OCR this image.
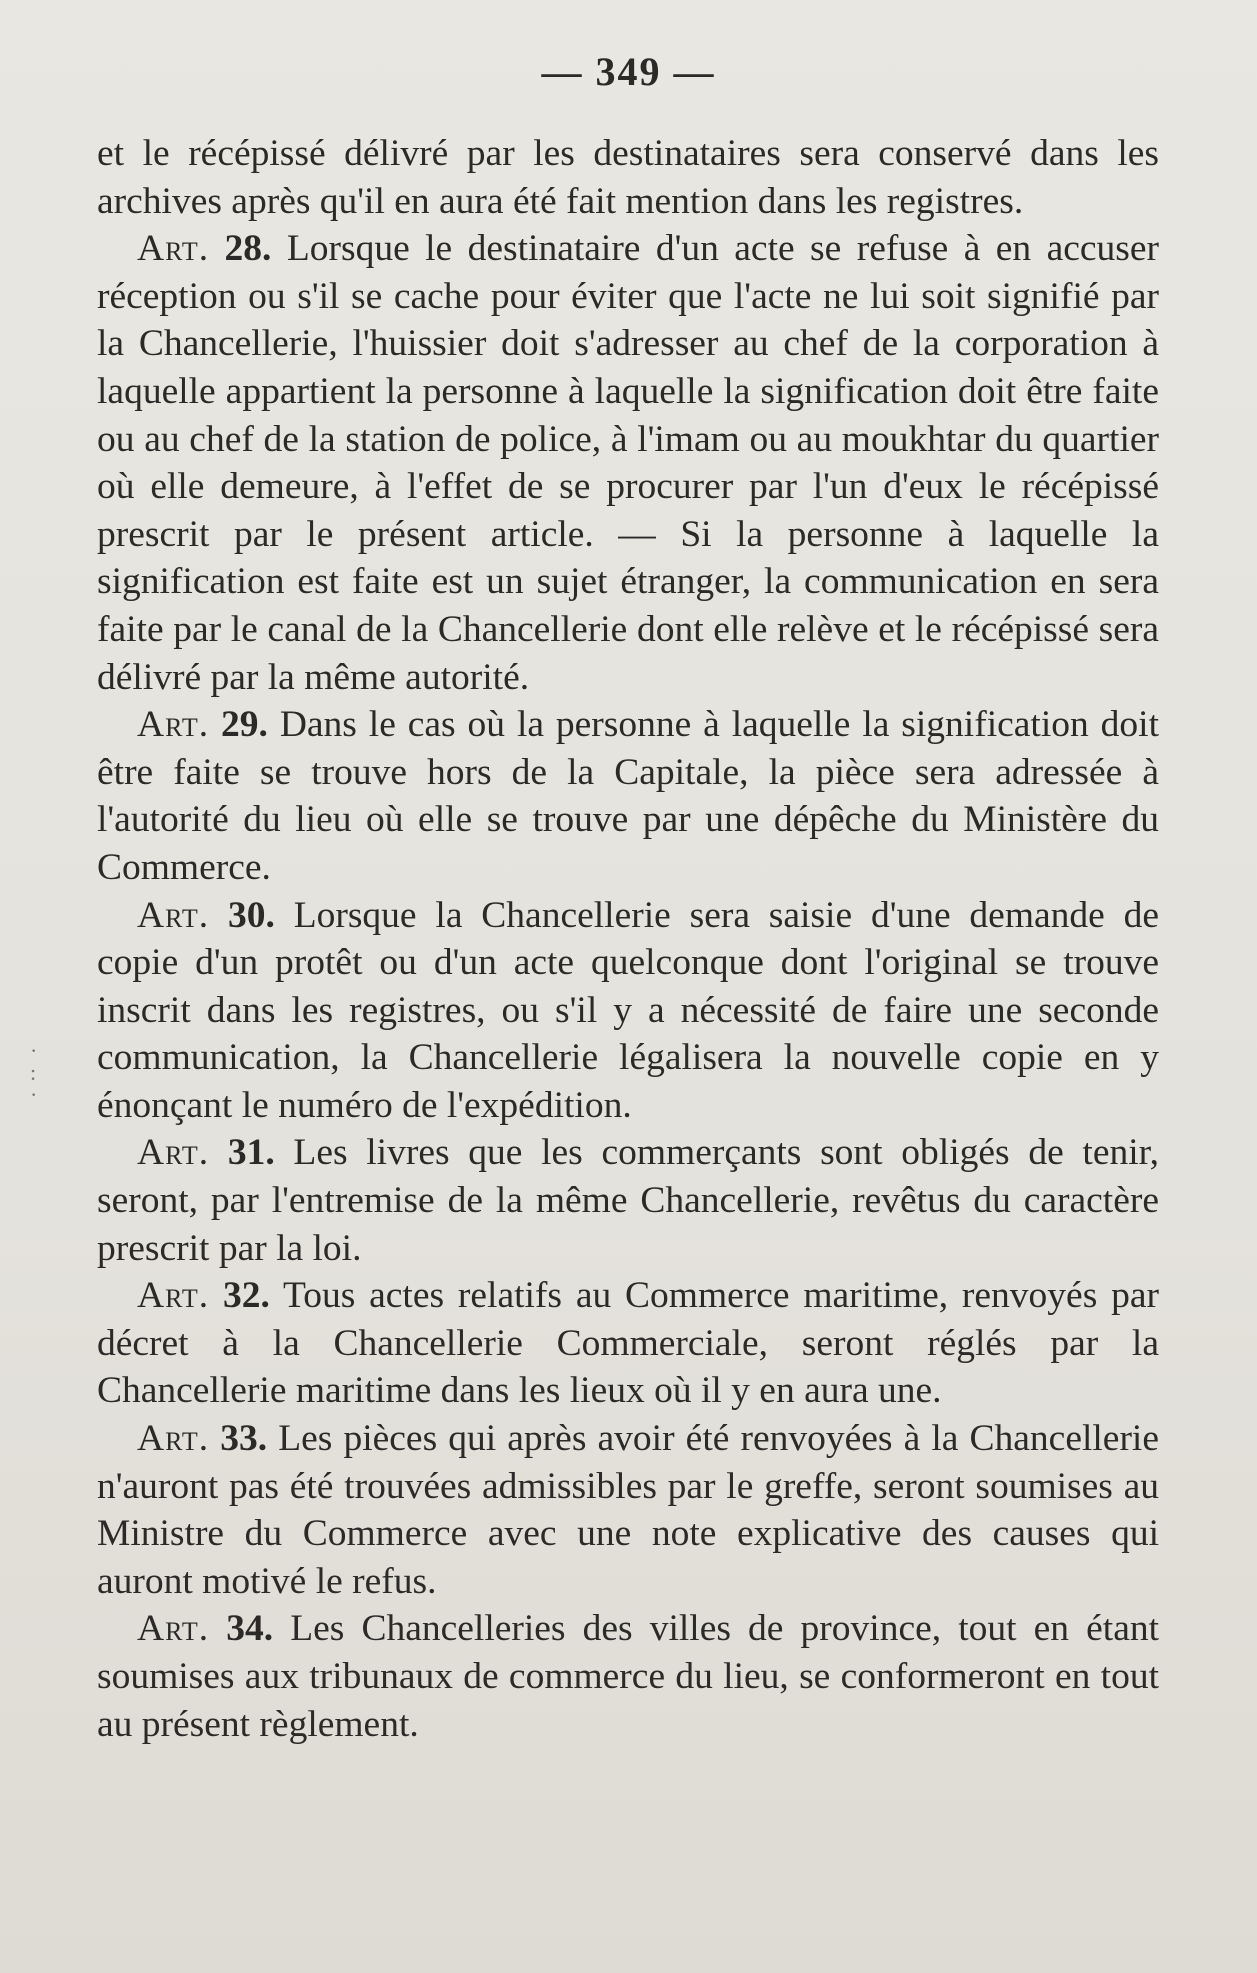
— 349 —
·
:
·

et le récépissé délivré par les destinataires sera conservé dans les archives après qu'il en aura été fait mention dans les registres.

Art. 28. Lorsque le destinataire d'un acte se refuse à en accuser réception ou s'il se cache pour éviter que l'acte ne lui soit signifié par la Chancellerie, l'huissier doit s'adresser au chef de la corporation à laquelle appartient la personne à laquelle la signification doit être faite ou au chef de la station de police, à l'imam ou au moukhtar du quartier où elle demeure, à l'effet de se procurer par l'un d'eux le récépissé prescrit par le présent article. — Si la personne à laquelle la signification est faite est un sujet étranger, la communication en sera faite par le canal de la Chancellerie dont elle relève et le récépissé sera délivré par la même autorité.

Art. 29. Dans le cas où la personne à laquelle la signification doit être faite se trouve hors de la Capitale, la pièce sera adressée à l'autorité du lieu où elle se trouve par une dépêche du Ministère du Commerce.

Art. 30. Lorsque la Chancellerie sera saisie d'une demande de copie d'un protêt ou d'un acte quelconque dont l'original se trouve inscrit dans les registres, ou s'il y a nécessité de faire une seconde communication, la Chancellerie légalisera la nouvelle copie en y énonçant le numéro de l'expédition.

Art. 31. Les livres que les commerçants sont obligés de tenir, seront, par l'entremise de la même Chancellerie, revêtus du caractère prescrit par la loi.

Art. 32. Tous actes relatifs au Commerce maritime, renvoyés par décret à la Chancellerie Commerciale, seront réglés par la Chancellerie maritime dans les lieux où il y en aura une.

Art. 33. Les pièces qui après avoir été renvoyées à la Chancellerie n'auront pas été trouvées admissibles par le greffe, seront soumises au Ministre du Commerce avec une note explicative des causes qui auront motivé le refus.

Art. 34. Les Chancelleries des villes de province, tout en étant soumises aux tribunaux de commerce du lieu, se conformeront en tout au présent règlement.
